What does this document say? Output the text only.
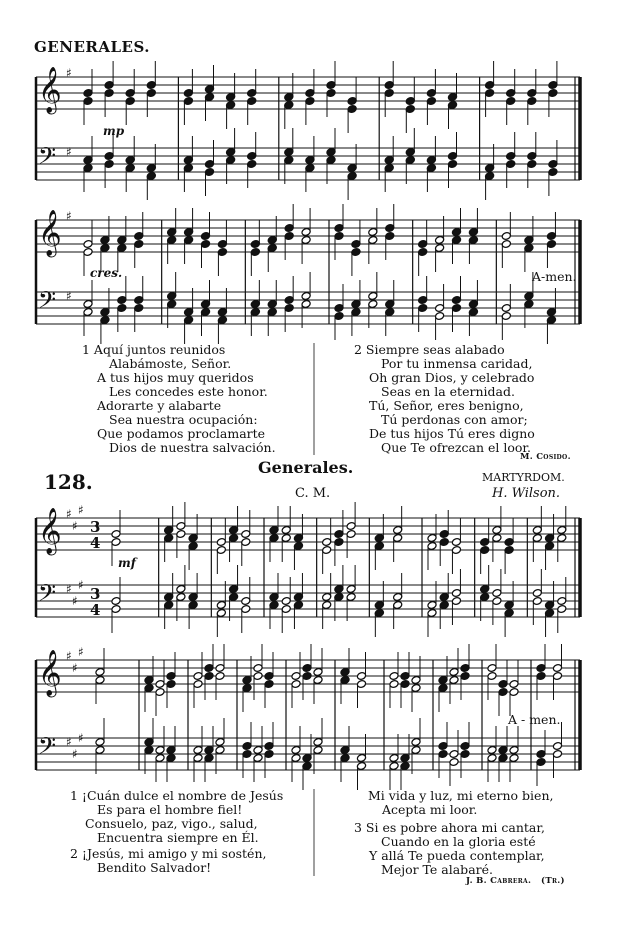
𝄞
𝄢
♯
♯
𝄞
𝄢
♯
♯
𝄞
𝄢
♯
♯
♯
♯
♯
♯
3
4
3
4
𝄞
𝄢
♯
♯
♯
♯
♯
♯
GENERALES.
mp
cres.	A-men.
1 Aquí juntos reunidos
Alabámoste, Señor.
A tus hijos muy queridos
Les concedes este honor.
Adorarte y alabarte
Sea nuestra ocupación:
Que podamos proclamarte
Dios de nuestra salvación.
2 Siempre seas alabado
Por tu inmensa caridad,
Oh gran Dios, y celebrado
Seas en la eternidad.
Tú, Señor, eres benigno,
Tú perdonas con amor;
De tus hijos Tú eres digno
Que Te ofrezcan el loor.
M. Cosido.
128.
Generales.
C. M.
MARTYRDOM.
H. Wilson.
mf
A - men.
1 ¡Cuán dulce el nombre de Jesús
Es para el hombre fiel!
Consuelo, paz, vigo., salud,
Encuentra siempre en Él.
2 ¡Jesús, mi amigo y mi sostén,
Bendito Salvador!
Mi vida y luz, mi eterno bien,
Acepta mi loor.
3 Si es pobre ahora mi cantar,
Cuando en la gloria esté
Y allá Te pueda contemplar,
Mejor Te alabaré.
J. B. Cabrera. (Tr.)
